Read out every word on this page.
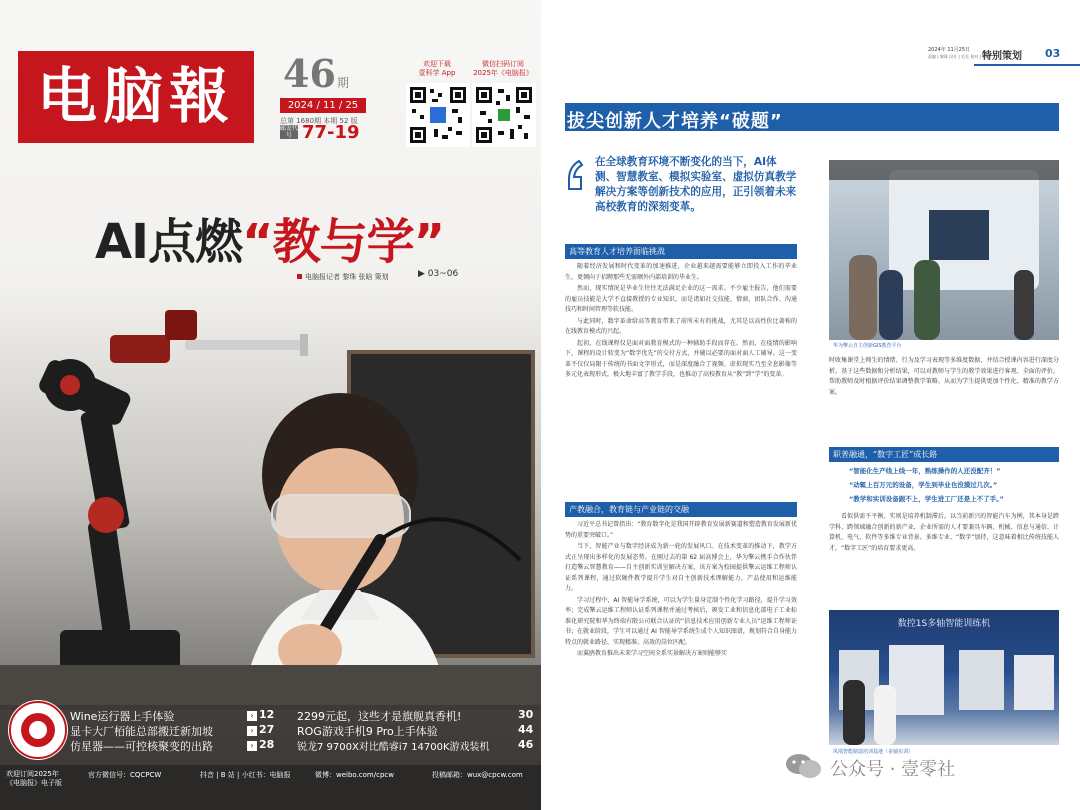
电脑報	46 期
2024 / 11 / 25
总第 1680期 本期 52 版
邮发代号 77-19
欢迎下载
壹科学 App
微信扫码订阅
2025年《电脑报》
AI点燃“教与学”
电脑报记者 黎珠 张晗 策划	▶ 03~06
Wine运行器上手体验	› 12
显卡大厂栢能总部搬迁新加坡	› 27
仿星器——可控核聚变的出路	› 28
2299元起，这些才是旗舰真香机!	30
ROG游戏手机9 Pro上手体验	44
锐龙7 9700X对比酷睿i7 14700K游戏装机	46
欢迎订阅2025年
《电脑报》电子版
官方微信号：CQCPCW	抖音 | B 站 | 小红书：电脑报	微博：weibo.com/cpcw	投稿邮箱：wux@cpcw.com
2024年 11月25日
责编 | 黎珠 设计 | 毛毛 校对 | 黄琴
特别策划 03
拔尖创新人才培养“破题”
在全球教育环境不断变化的当下，AI体测、智慧教室、模拟实验室、虚拟仿真教学解决方案等创新技术的应用，正引领着未来高校教育的深刻变革。
高等教育人才培养面临挑战

随着经济发展和时代变革的加速推进，企业越来越需要能够立即投入工作的毕业生，更倾向于招聘那些无需额外内部培训的毕业生。

然而，现实情况是毕业生往往无法满足企业的这一需求。不少雇主报告，他们需要的雇员技能是大学不直接教授的专业知识，而是诸如社交技能、情商、团队合作、沟通技巧和时间管理等软技能。

与此同时，数字革命给高等教育带来了前所未有的挑战，尤其是以高性价比著称的在线教育模式的兴起。

起初，在线课程仅是面对面教育模式的一种辅助手段而存在。然而，在疫情的影响下，课程的设计转变为“数字优先”的交付方式，并辅以必要的面对面人工辅导。这一变革不仅仅局限于传统的书面文字形式，而是深度融合了视频、虚拟现实乃至全息影像等多元化表现形式，极大地丰富了教学手段，也推动了高校教育从“教”到“学”的变革。

产教融合，教育链与产业链的交融

习近平总书记曾指出：“教育数字化是我国开辟教育发展新赛道和塑造教育发展新优势的重要突破口。”

当下，智能产业与数字经济成为新一轮的发展风口。在技术变革的推动下，教学方式正呈现出多样化的发展态势。在刚过去的第 62 届高博会上，华为擎云携手合作伙伴打造擎云智慧教育——自主创新实训室解决方案，该方案为校园提供擎云运维工程师认证系列课程，通过软硬件教学提升学生对自主创新技术理解能力、产品使用和运维能力。

学习过程中，AI 智能导学系统，可以为学生量身定制个性化学习路径，提升学习效率；完成擎云运维工程师认证系列课程并通过考核后，颁发工业和信息化部电子工业标准化研究院和华为终端有限公司联合认证的“信息技术应用创新专业人员”运维工程师证书；在就业阶段，学生可以通过 AI 智能导学系统生成个人知识图谱，规划符合自身能力特点的就业路径，实现精准、高效的岗位匹配。

而翼鸥教育推出未来学习空间全系实景解决方案则能够实

华为擎云自主创新GIS教育平台

时收集课堂上师生的情绪、行为及学习表现等多维度数据，并结合授课内容进行深度分析。基于这些数据和分析结果，可以对教师与学生的教学效果进行客观、全面的评价，帮助教师及时根据评价结果调整教学策略，从而为学生提供更加个性化、精准的教学方案。

职普融通，“数字工匠”成长路
“智能化生产线上线一年，熟练操作的人还没配齐！”
“动辄上百万元的设备，学生到毕业也没摸过几次。”
“教学和实训设备跟不上，学生进工厂还是上不了手。”

看似供需不平衡，实则是培养机制滞后。以当前新兴的智能汽车为例，其本身是跨学科、跨领域融合创新的新产业，企业所需的人才要兼具车辆、机械、信息与通信、计算机、电气、软件等多维专业背景。多维专业、“数字”加持，这意味着相比传统技能人才，“数字工匠”的培育要求更高。

数控1S多轴智能训练机
凤凰智能制造培训基地（多轴实训）
公众号 · 壹零社
